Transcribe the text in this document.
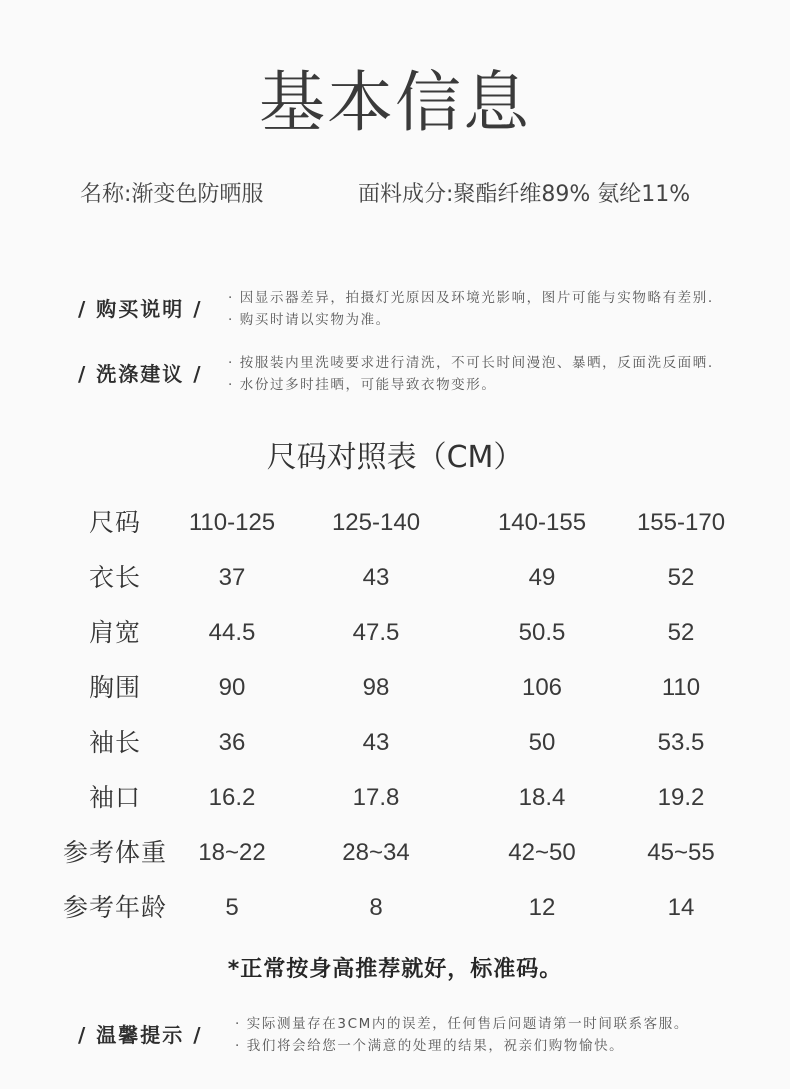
基本信息
名称:渐变色防晒服	面料成分:聚酯纤维89% 氨纶11%
/ 购买说明 / · 因显示器差异，拍摄灯光原因及环境光影响，图片可能与实物略有差别.
· 购买时请以实物为准。
/ 洗涤建议 / · 按服装内里洗唛要求进行清洗，不可长时间漫泡、暴晒，反面洗反面晒.
· 水份过多时挂晒，可能导致衣物变形。
尺码对照表（CM）
尺码 110-125 125-140	140-155 155-170
衣长	37	43	49	52
肩宽	44.5	47.5	50.5	52
胸围	90	98	106	110
袖长	36	43	50	53.5
袖口	16.2	17.8	18.4	19.2
参考体重 18~22	28~34	42~50	45~55
参考年龄 5	8	12	14
*正常按身高推荐就好，标准码。
/ 温馨提示 / · 实际测量存在3CM内的误差，任何售后问题请第一时间联系客服。
· 我们将会给您一个满意的处理的结果，祝亲们购物愉快。
